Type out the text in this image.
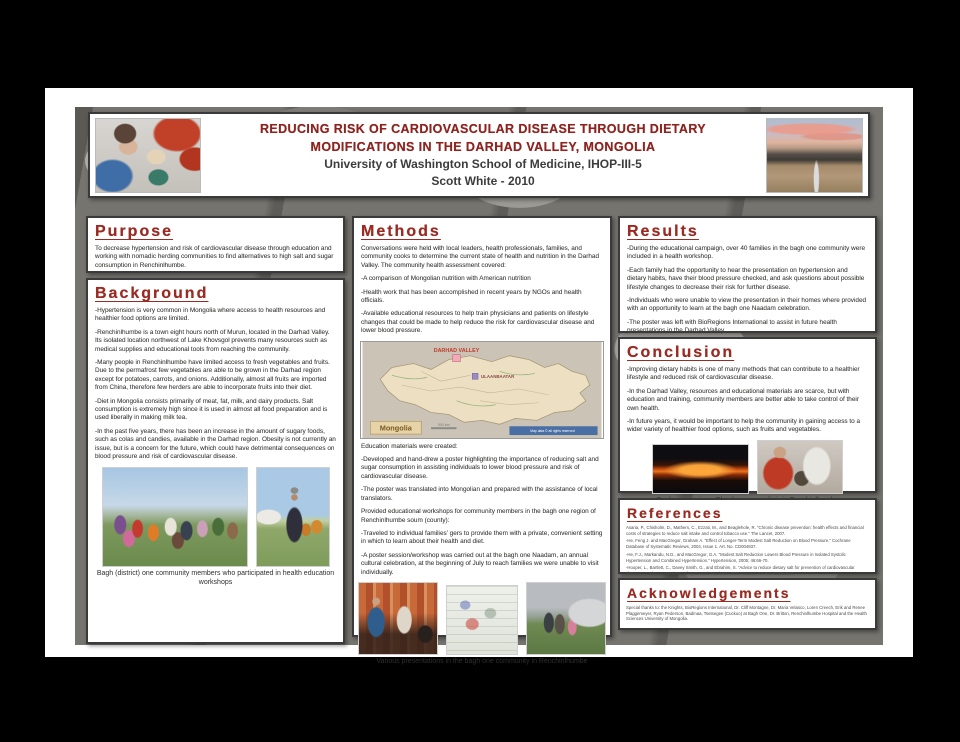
REDUCING RISK OF CARDIOVASCULAR DISEASE THROUGH DIETARY
MODIFICATIONS IN THE DARHAD VALLEY, MONGOLIA
University of Washington School of Medicine, IHOP-III-5
Scott White - 2010
Purpose
To decrease hypertension and risk of cardiovascular disease through education and working with nomadic herding communities to find alternatives to high salt and sugar consumption in Renchinlhumbe.
Background
-Hypertension is very common in Mongolia where access to health resources and healthier food options are limited.
-Renchinlhumbe is a town eight hours north of Murun, located in the Darhad Valley. Its isolated location northwest of Lake Khovsgol prevents many resources such as medical supplies and educational tools from reaching the community.
-Many people in Renchinlhumbe have limited access to fresh vegetables and fruits. Due to the permafrost few vegetables are able to be grown in the Darhad region except for potatoes, carrots, and onions. Additionally, almost all fruits are imported from China, therefore few herders are able to incorporate fruits into their diet.
-Diet in Mongolia consists primarily of meat, fat, milk, and dairy products. Salt consumption is extremely high since it is used in almost all food preparation and is used liberally in making milk tea.
-In the past five years, there has been an increase in the amount of sugary foods, such as colas and candies, available in the Darhad region. Obesity is not currently an issue, but is a concern for the future, which could have detrimental consequences on blood pressure and risk of cardiovascular disease.
Bagh (district) one community members who participated in health education workshops
Methods
Conversations were held with local leaders, health professionals, families, and community cooks to determine the current state of health and nutrition in the Darhad Valley. The community health assessment covered:
-A comparison of Mongolian nutrition with American nutrition
-Health work that has been accomplished in recent years by NGOs and health officials.
-Available educational resources to help train physicians and patients on lifestyle changes that could be made to help reduce the risk for cardiovascular disease and lower blood pressure.
DARHAD VALLEY
ULAANBAATAR
Mongolia	500 km
Map data © all rights reserved
Education materials were created:
-Developed and hand-drew a poster highlighting the importance of reducing salt and sugar consumption in assisting individuals to lower blood pressure and risk of cardiovascular disease.
-The poster was translated into Mongolian and prepared with the assistance of local translators.
Provided educational workshops for community members in the bagh one region of Renchinlhumbe soum (county):
-Traveled to individual families’ gers to provide them with a private, convenient setting in which to learn about their health and diet.
-A poster session/workshop was carried out at the bagh one Naadam, an annual cultural celebration, at the beginning of July to reach families we were unable to visit individually.
Various presentations in the bagh one community in Renchinlhumbe
Results
-During the educational campaign, over 40 families in the bagh one community were included in a health workshop.
-Each family had the opportunity to hear the presentation on hypertension and dietary habits, have their blood pressure checked, and ask questions about possible lifestyle changes to decrease their risk for further disease.
-Individuals who were unable to view the presentation in their homes where provided with an opportunity to learn at the bagh one Naadam celebration.
-The poster was left with BioRegions International to assist in future health presentations in the Darhad Valley.
Conclusion
-Improving dietary habits is one of many methods that can contribute to a healthier lifestyle and reduced risk of cardiovascular disease.
-In the Darhad Valley, resources and educational materials are scarce, but with education and training, community members are better able to take control of their own health.
-In future years, it would be important to help the community in gaining access to a wider variety of healthier food options, such as fruits and vegetables.
References
Asaria, P., Chisholm, D., Mathers, C., Ezzati, M., and Beaglehole, R. “Chronic disease prevention: health effects and financial costs of strategies to reduce salt intake and control tobacco use.” The Lancet, 2007.
-He, Feng J. and MacGregor, Graham A. “Effect of Longer-Term Modest Salt Reduction on Blood Pressure.” Cochrane Database of Systematic Reviews, 2004, Issue 1. Art. No. CD004937.
-He, F.J., Markandu, N.D., and MacGregor, G.A. “Modest Salt Reduction Lowers Blood Pressure in Isolated Systolic Hypertension and Combined Hypertension.” Hypertension, 2005; 46:66-70.
-Hooper, L., Bartlett, C., Davey Smith, G., and Ebrahim, S. “Advice to reduce dietary salt for prevention of cardiovascular disease.” Cochrane Database of Systematic Reviews, 2003; Issue 3. Art. No. CD003656.
Acknowledgements
Special thanks to: the Knights, BioRegions International, Dr. Cliff Montagne, Dr. Maria Velasco, Loren Creech, Erik and Renee Plaggemeyer, Ryan Pederson, Badmaa, Tsetsegee (Cuckoo) at Bagh One, Dr. Britton, Renchinlhumbe Hospital and the Health Sciences University of Mongolia.
